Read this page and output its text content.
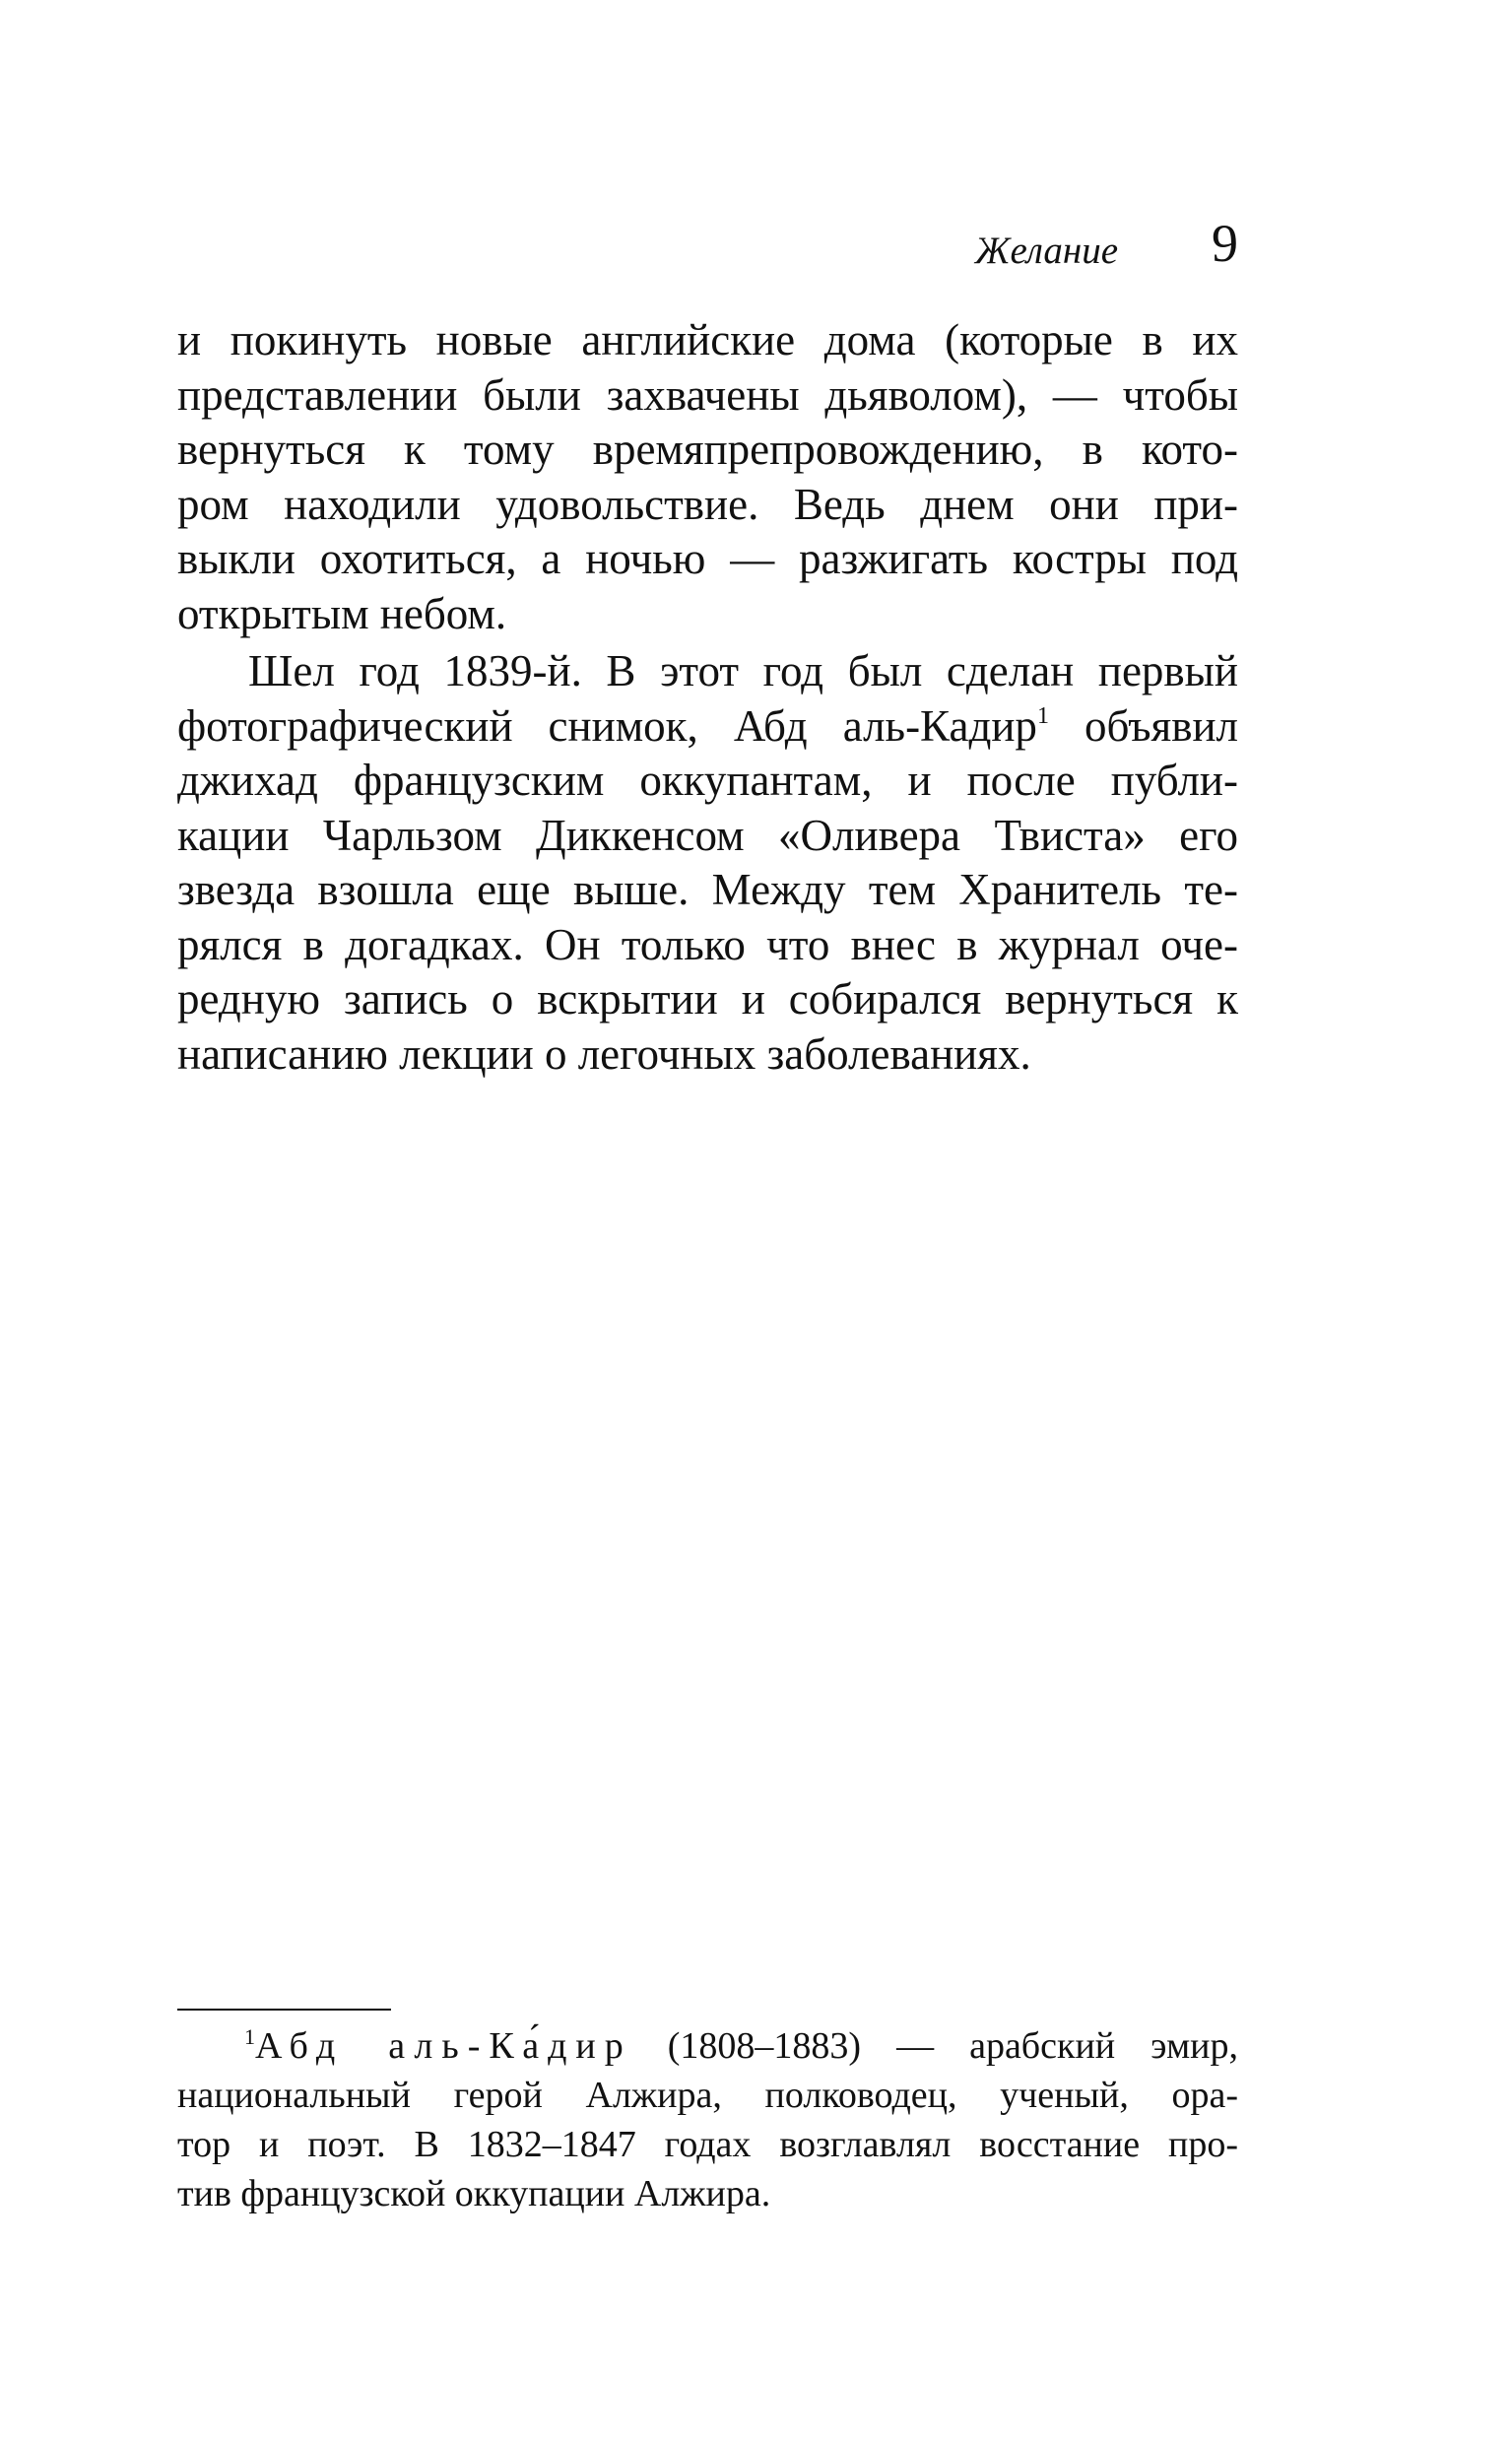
Желание 9
и покинуть новые английские дома (которые в их
представлении были захвачены дьяволом), — чтобы
вернуться к тому времяпрепровождению, в кото-
ром находили удовольствие. Ведь днем они при-
выкли охотиться, а ночью — разжигать костры под
открытым небом.
Шел год 1839-й. В этот год был сделан первый
фотографический снимок, Абд аль-Кадир$^1$ объявил
джихад французским оккупантам, и после публи-
кации Чарльзом Диккенсом «Оливера Твиста» его
звезда взошла еще выше. Между тем Хранитель те-
рялся в догадках. Он только что внес в журнал оче-
редную запись о вскрытии и собирался вернуться к
написанию лекции о легочных заболеваниях.
$^1$Абд аль-Ка́дир (1808–1883) — арабский эмир,
национальный герой Алжира, полководец, ученый, ора-
тор и поэт. В 1832–1847 годах возглавлял восстание про-
тив французской оккупации Алжира.
